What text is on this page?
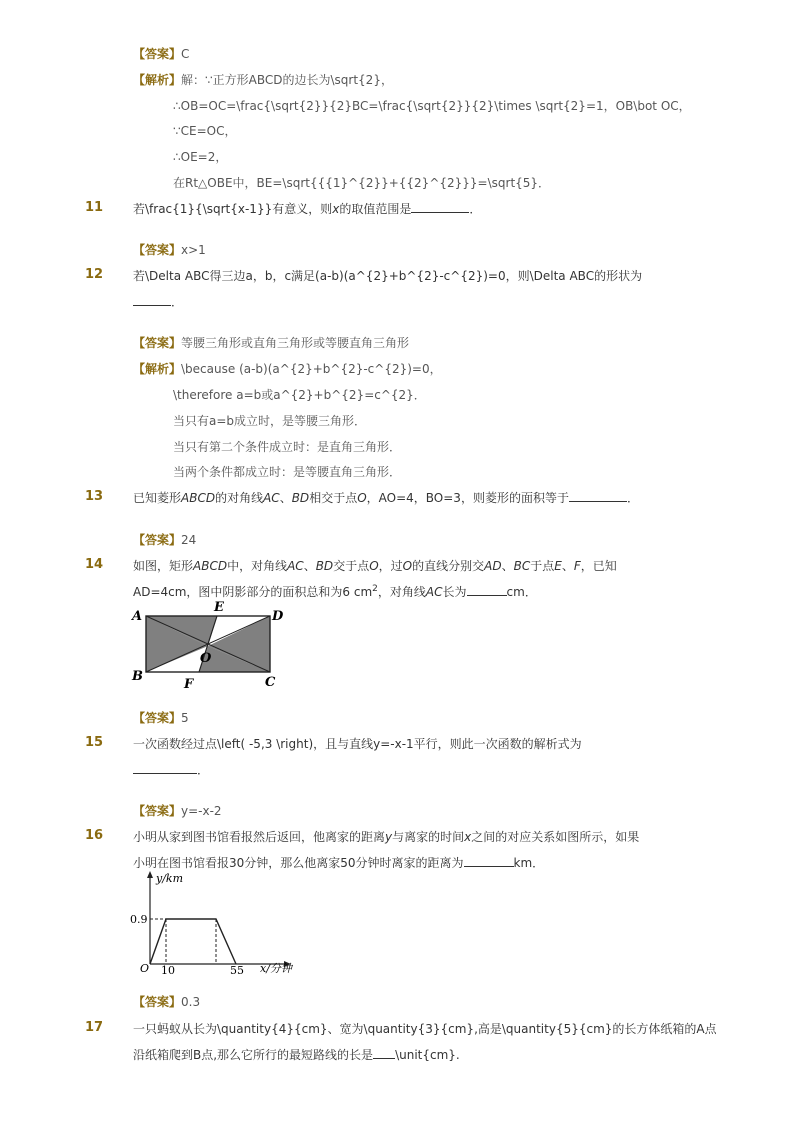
【答案】C
【解析】解：∵正方形ABCD的边长为\sqrt{2}，
∴OB=OC=\frac{\sqrt{2}}{2}BC=\frac{\sqrt{2}}{2}\times \sqrt{2}=1，OB\bot OC，
∵CE=OC，
∴OE=2，
在Rt△OBE中，BE=\sqrt{{{1}^{2}}+{{2}^{2}}}=\sqrt{5}．
11 若\frac{1}{\sqrt{x-1}}有意义，则x的取值范围是	．
【答案】x>1
12 若\Delta ABC得三边a，b，c满足(a-b)(a^{2}+b^{2}-c^{2})=0，则\Delta ABC的形状为
．
【答案】等腰三角形或直角三角形或等腰直角三角形
【解析】\because (a-b)(a^{2}+b^{2}-c^{2})=0，
\therefore a=b或a^{2}+b^{2}=c^{2}．
当只有a=b成立时，是等腰三角形．
当只有第二个条件成立时：是直角三角形．
当两个条件都成立时：是等腰直角三角形．
13 已知菱形ABCD的对角线AC、BD相交于点O，AO=4，BO=3，则菱形的面积等于	．
【答案】24
14 如图，矩形ABCD中，对角线AC、BD交于点O，过O的直线分别交AD、BC于点E、F，已知
AD=4cm，图中阴影部分的面积总和为6 $cm^2$，对角线AC长为	cm．
A
E
D
O
B
F	C
【答案】5
15 一次函数经过点\left( -5,3 \right)，且与直线y=-x-1平行，则此一次函数的解析式为
．
【答案】y=-x-2
16 小明从家到图书馆看报然后返回，他离家的距离y与离家的时间x之间的对应关系如图所示，如果
小明在图书馆看报30分钟，那么他离家50分钟时离家的距离为	km．
y/km
0.9
O 10	55 x/分钟
【答案】0.3
17 一只蚂蚁从长为\quantity{4}{cm}、宽为\quantity{3}{cm},高是\quantity{5}{cm}的长方体纸箱的A点
沿纸箱爬到B点,那么它所行的最短路线的长是 \unit{cm}.
